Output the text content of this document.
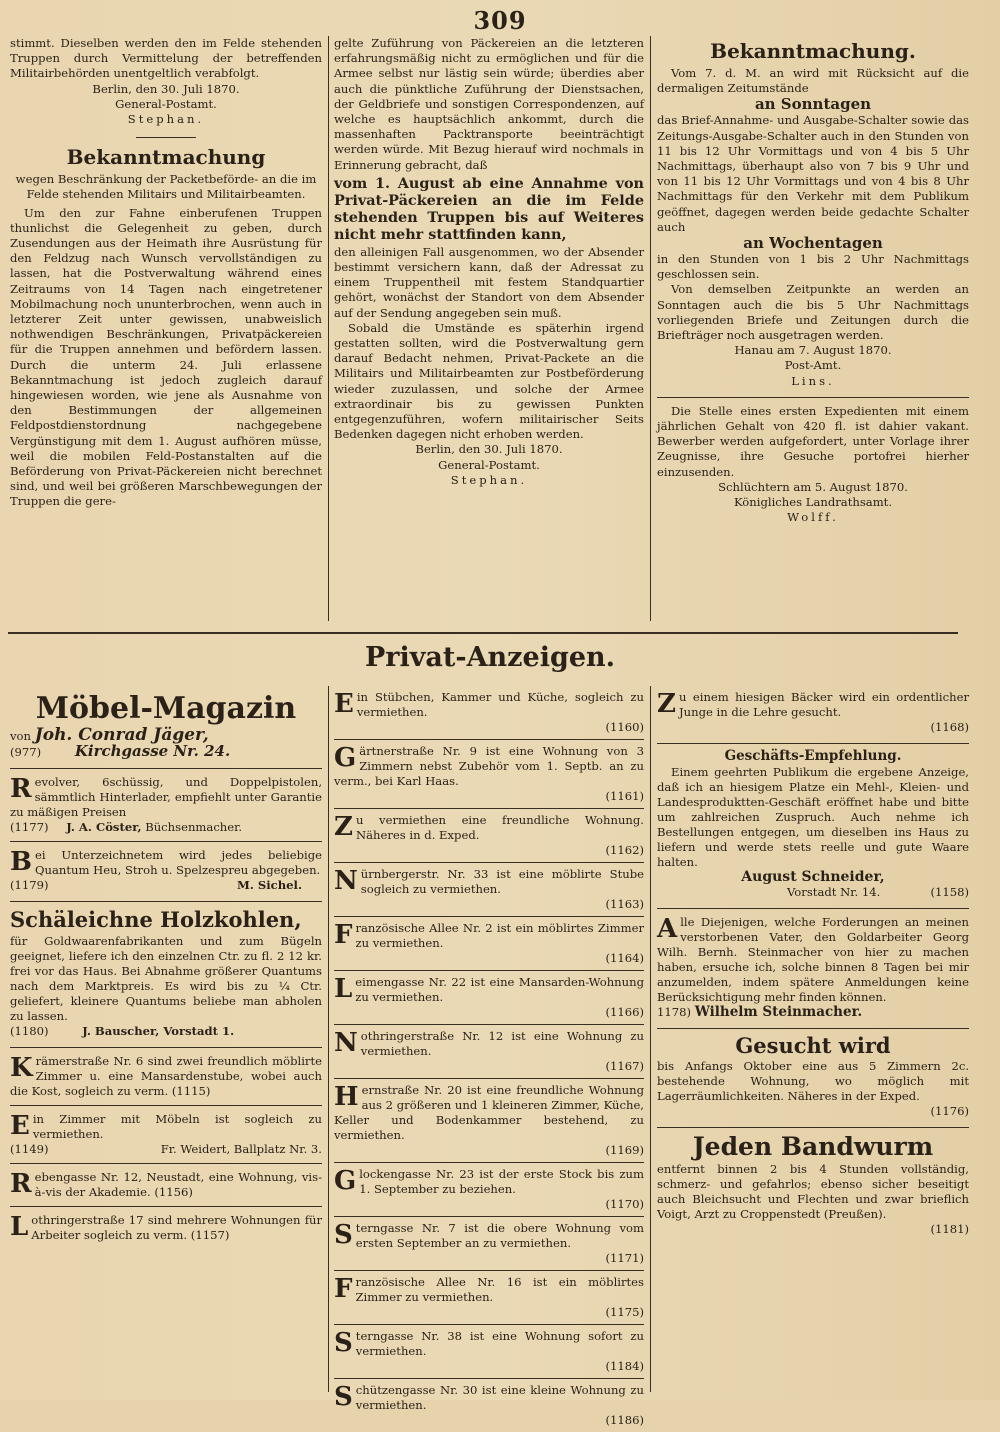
309

stimmt. Dieselben werden den im Felde stehenden Truppen durch Vermittelung der betreffenden Militairbehörden unentgeltlich verabfolgt.

Berlin, den 30. Juli 1870.

General-Postamt.

Stephan.

Bekanntmachung

wegen Beschränkung der Packetbeförde- an die im Felde stehenden Militairs und Militairbeamten.

Um den zur Fahne einberufenen Truppen thunlichst die Gelegenheit zu geben, durch Zusendungen aus der Heimath ihre Ausrüstung für den Feldzug nach Wunsch vervollständigen zu lassen, hat die Postverwaltung während eines Zeitraums von 14 Tagen nach eingetretener Mobilmachung noch ununterbrochen, wenn auch in letzterer Zeit unter gewissen, unabweislich nothwendigen Beschränkungen, Privatpäckereien für die Truppen annehmen und befördern lassen. Durch die unterm 24. Juli erlassene Bekanntmachung ist jedoch zugleich darauf hingewiesen worden, wie jene als Ausnahme von den Bestimmungen der allgemeinen Feldpostdienstordnung nachgegebene Vergünstigung mit dem 1. August aufhören müsse, weil die mobilen Feld-Postanstalten auf die Beförderung von Privat-Päckereien nicht berechnet sind, und weil bei größeren Marschbewegungen der Truppen die gere-

gelte Zuführung von Päckereien an die letzteren erfahrungsmäßig nicht zu ermöglichen und für die Armee selbst nur lästig sein würde; überdies aber auch die pünktliche Zuführung der Dienstsachen, der Geldbriefe und sonstigen Correspondenzen, auf welche es hauptsächlich ankommt, durch die massenhaften Packtransporte beeinträchtigt werden würde. Mit Bezug hierauf wird nochmals in Erinnerung gebracht, daß

vom 1. August ab eine Annahme von Privat-Päckereien an die im Felde stehenden Truppen bis auf Weiteres nicht mehr stattfinden kann,

den alleinigen Fall ausgenommen, wo der Absender bestimmt versichern kann, daß der Adressat zu einem Truppentheil mit festem Standquartier gehört, wonächst der Standort von dem Absender auf der Sendung angegeben sein muß.

Sobald die Umstände es späterhin irgend gestatten sollten, wird die Postverwaltung gern darauf Bedacht nehmen, Privat-Packete an die Militairs und Militairbeamten zur Postbeförderung wieder zuzulassen, und solche der Armee extraordinair bis zu gewissen Punkten entgegenzuführen, wofern militairischer Seits Bedenken dagegen nicht erhoben werden.

Berlin, den 30. Juli 1870.

General-Postamt.

Stephan.

Bekanntmachung.

Vom 7. d. M. an wird mit Rücksicht auf die dermaligen Zeitumstände

an Sonntagen

das Brief-Annahme- und Ausgabe-Schalter sowie das Zeitungs-Ausgabe-Schalter auch in den Stunden von 11 bis 12 Uhr Vormittags und von 4 bis 5 Uhr Nachmittags, überhaupt also von 7 bis 9 Uhr und von 11 bis 12 Uhr Vormittags und von 4 bis 8 Uhr Nachmittags für den Verkehr mit dem Publikum geöffnet, dagegen werden beide gedachte Schalter auch

an Wochentagen

in den Stunden von 1 bis 2 Uhr Nachmittags geschlossen sein.

Von demselben Zeitpunkte an werden an Sonntagen auch die bis 5 Uhr Nachmittags vorliegenden Briefe und Zeitungen durch die Briefträger noch ausgetragen werden.

Hanau am 7. August 1870.

Post-Amt.

Lins.

Die Stelle eines ersten Expedienten mit einem jährlichen Gehalt von 420 fl. ist dahier vakant. Bewerber werden aufgefordert, unter Vorlage ihrer Zeugnisse, ihre Gesuche portofrei hierher einzusenden.

Schlüchtern am 5. August 1870.

Königliches Landrathsamt.

Wolff.

Privat-Anzeigen.
Möbel-Magazin

von Joh. Conrad Jäger,

(977) Kirchgasse Nr. 24.

Revolver, 6schüssig, und Doppelpistolen, sämmtlich Hinterlader, empfiehlt unter Garantie zu mäßigen Preisen

(1177) J. A. Cöster, Büchsenmacher.

Bei Unterzeichnetem wird jedes beliebige Quantum Heu, Stroh u. Spelzespreu abgegeben.

(1179)	M. Sichel.

Schäleichne Holzkohlen,

für Goldwaarenfabrikanten und zum Bügeln geeignet, liefere ich den einzelnen Ctr. zu fl. 2 12 kr. frei vor das Haus. Bei Abnahme größerer Quantums nach dem Marktpreis. Es wird bis zu ¼ Ctr. geliefert, kleinere Quantums beliebe man abholen zu lassen.

(1180)	J. Bauscher, Vorstadt 1.

Krämerstraße Nr. 6 sind zwei freundlich möblirte Zimmer u. eine Mansardenstube, wobei auch die Kost, sogleich zu verm. (1115)

Ein Zimmer mit Möbeln ist sogleich zu vermiethen.

(1149)	Fr. Weidert, Ballplatz Nr. 3.

Rebengasse Nr. 12, Neustadt, eine Wohnung, vis-à-vis der Akademie. (1156)

Lothringerstraße 17 sind mehrere Wohnungen für Arbeiter sogleich zu verm. (1157)

Ein Stübchen, Kammer und Küche, sogleich zu vermiethen.

(1160)

Gärtnerstraße Nr. 9 ist eine Wohnung von 3 Zimmern nebst Zubehör vom 1. Septb. an zu verm., bei Karl Haas.

(1161)

Zu vermiethen eine freundliche Wohnung. Näheres in d. Exped.

(1162)

Nürnbergerstr. Nr. 33 ist eine möblirte Stube sogleich zu vermiethen.

(1163)

Französische Allee Nr. 2 ist ein möblirtes Zimmer zu vermiethen.

(1164)

Leimengasse Nr. 22 ist eine Mansarden-Wohnung zu vermiethen.

(1166)

Nothringerstraße Nr. 12 ist eine Wohnung zu vermiethen.

(1167)

Hernstraße Nr. 20 ist eine freundliche Wohnung aus 2 größeren und 1 kleineren Zimmer, Küche, Keller und Bodenkammer bestehend, zu vermiethen.

(1169)

Glockengasse Nr. 23 ist der erste Stock bis zum 1. September zu beziehen.

(1170)

Sterngasse Nr. 7 ist die obere Wohnung vom ersten September an zu vermiethen.

(1171)

Französische Allee Nr. 16 ist ein möblirtes Zimmer zu vermiethen.

(1175)

Sterngasse Nr. 38 ist eine Wohnung sofort zu vermiethen.

(1184)

Schützengasse Nr. 30 ist eine kleine Wohnung zu vermiethen.

(1186)

Zu einem hiesigen Bäcker wird ein ordentlicher Junge in die Lehre gesucht.

(1168)

Geschäfts-Empfehlung.

Einem geehrten Publikum die ergebene Anzeige, daß ich an hiesigem Platze ein Mehl-, Kleien- und Landesproduktten-Geschäft eröffnet habe und bitte um zahlreichen Zuspruch. Auch nehme ich Bestellungen entgegen, um dieselben ins Haus zu liefern und werde stets reelle und gute Waare halten.

August Schneider,

Vorstadt Nr. 14.	(1158)

Alle Diejenigen, welche Forderungen an meinen verstorbenen Vater, den Goldarbeiter Georg Wilh. Bernh. Steinmacher von hier zu machen haben, ersuche ich, solche binnen 8 Tagen bei mir anzumelden, indem spätere Anmeldungen keine Berücksichtigung mehr finden können.

1178) Wilhelm Steinmacher.

Gesucht wird

bis Anfangs Oktober eine aus 5 Zimmern 2c. bestehende Wohnung, wo möglich mit Lagerräumlichkeiten. Näheres in der Exped.

(1176)

Jeden Bandwurm

entfernt binnen 2 bis 4 Stunden vollständig, schmerz- und gefahrlos; ebenso sicher beseitigt auch Bleichsucht und Flechten und zwar brieflich Voigt, Arzt zu Croppenstedt (Preußen).

(1181)
